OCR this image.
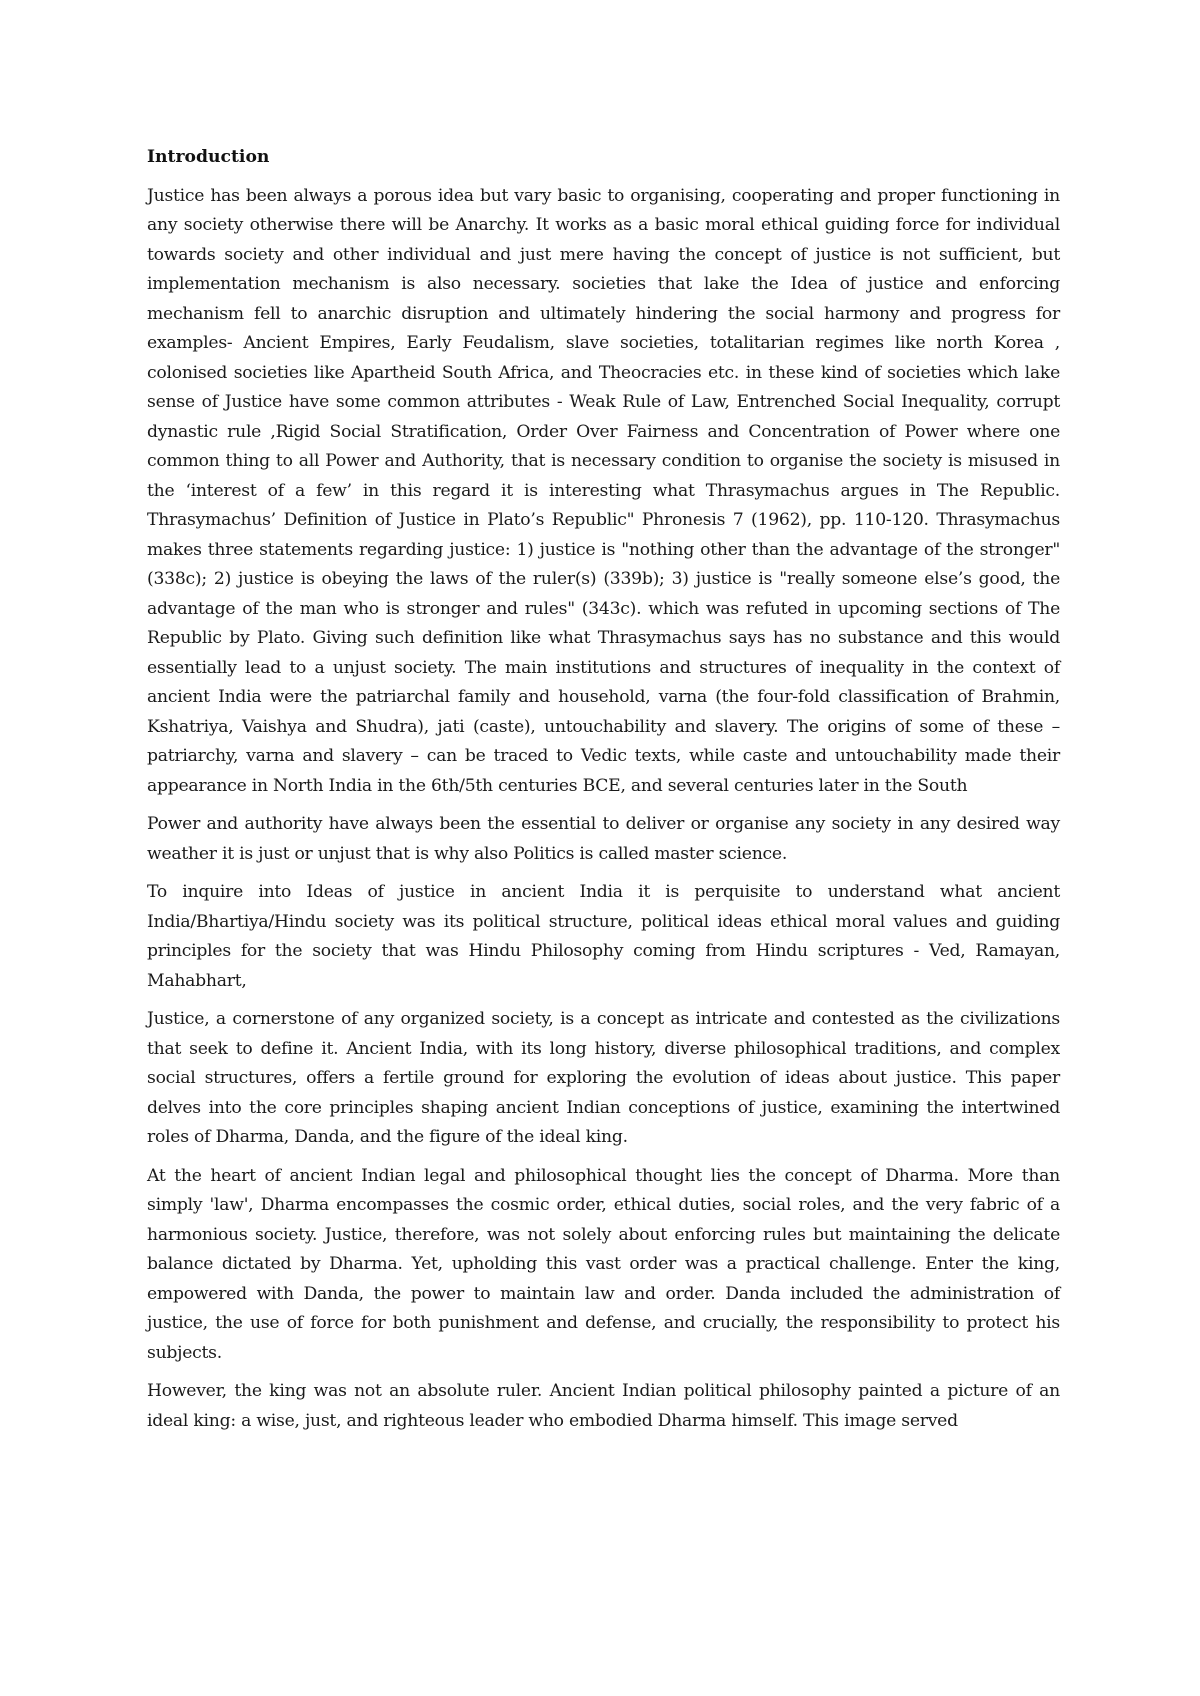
Introduction

Justice has been always a porous idea but vary basic to organising, cooperating and proper functioning in any society otherwise there will be Anarchy. It works as a basic moral ethical guiding force for individual towards society and other individual and just mere having the concept of justice is not sufficient, but implementation mechanism is also necessary. societies that lake the Idea of justice and enforcing mechanism fell to anarchic disruption and ultimately hindering the social harmony and progress for examples- Ancient Empires, Early Feudalism, slave societies, totalitarian regimes like north Korea , colonised societies like Apartheid South Africa, and Theocracies etc. in these kind of societies which lake sense of Justice have some common attributes - Weak Rule of Law, Entrenched Social Inequality, corrupt dynastic rule ,Rigid Social Stratification, Order Over Fairness and Concentration of Power where one common thing to all Power and Authority, that is necessary condition to organise the society is misused in the ‘interest of a few’ in this regard it is interesting what Thrasymachus argues in The Republic. Thrasymachus’ Definition of Justice in Plato’s Republic" Phronesis 7 (1962), pp. 110-120. Thrasymachus makes three statements regarding justice: 1) justice is "nothing other than the advantage of the stronger" (338c); 2) justice is obeying the laws of the ruler(s) (339b); 3) justice is "really someone else’s good, the advantage of the man who is stronger and rules" (343c). which was refuted in upcoming sections of The Republic by Plato. Giving such definition like what Thrasymachus says has no substance and this would essentially lead to a unjust society. The main institutions and structures of inequality in the context of ancient India were the patriarchal family and household, varna (the four-fold classification of Brahmin, Kshatriya, Vaishya and Shudra), jati (caste), untouchability and slavery. The origins of some of these – patriarchy, varna and slavery – can be traced to Vedic texts, while caste and untouchability made their appearance in North India in the 6th/5th centuries BCE, and several centuries later in the South

Power and authority have always been the essential to deliver or organise any society in any desired way weather it is just or unjust that is why also Politics is called master science.

To inquire into Ideas of justice in ancient India it is perquisite to understand what ancient India/Bhartiya/Hindu society was its political structure, political ideas ethical moral values and guiding principles for the society that was Hindu Philosophy coming from Hindu scriptures - Ved, Ramayan, Mahabhart,

Justice, a cornerstone of any organized society, is a concept as intricate and contested as the civilizations that seek to define it. Ancient India, with its long history, diverse philosophical traditions, and complex social structures, offers a fertile ground for exploring the evolution of ideas about justice. This paper delves into the core principles shaping ancient Indian conceptions of justice, examining the intertwined roles of Dharma, Danda, and the figure of the ideal king.

At the heart of ancient Indian legal and philosophical thought lies the concept of Dharma. More than simply 'law', Dharma encompasses the cosmic order, ethical duties, social roles, and the very fabric of a harmonious society. Justice, therefore, was not solely about enforcing rules but maintaining the delicate balance dictated by Dharma. Yet, upholding this vast order was a practical challenge. Enter the king, empowered with Danda, the power to maintain law and order. Danda included the administration of justice, the use of force for both punishment and defense, and crucially, the responsibility to protect his subjects.

However, the king was not an absolute ruler. Ancient Indian political philosophy painted a picture of an ideal king: a wise, just, and righteous leader who embodied Dharma himself. This image served
